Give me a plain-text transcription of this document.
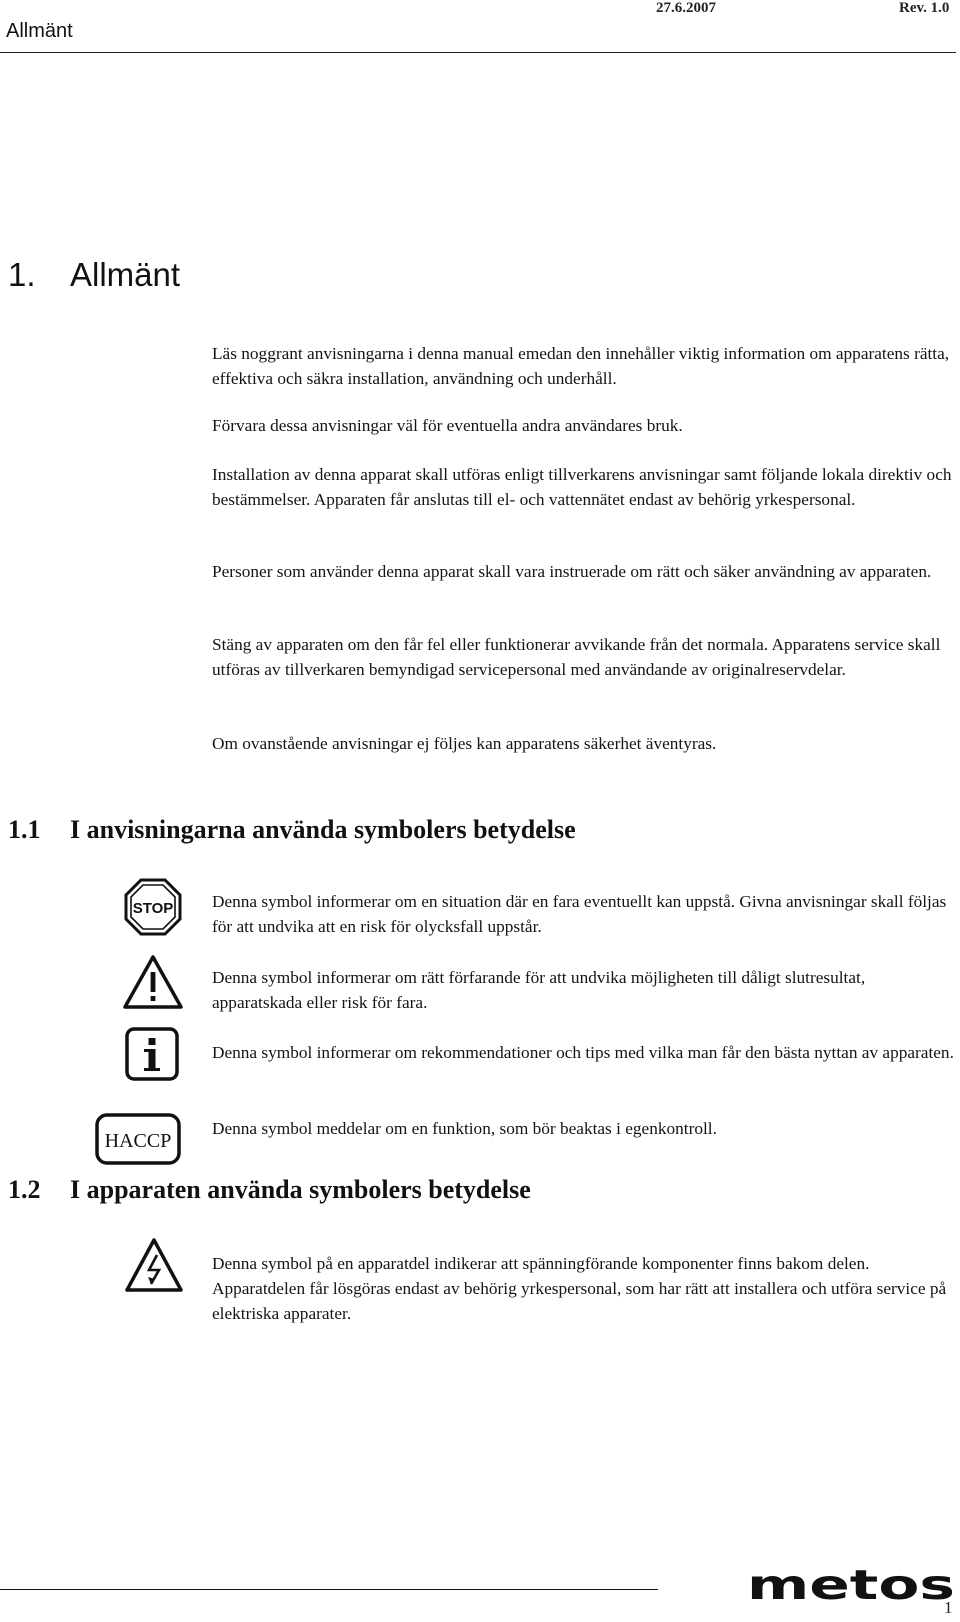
Allmänt
27.6.2007	Rev. 1.0
1.	Allmänt

Läs noggrant anvisningarna i denna manual emedan den innehåller viktig information om apparatens rätta, effektiva och säkra installation, användning och underhåll.

Förvara dessa anvisningar väl för eventuella andra användares bruk.

Installation av denna apparat skall utföras enligt tillverkarens anvisningar samt följande lokala direktiv och bestämmelser. Apparaten får anslutas till el- och vattennätet endast av behörig yrkespersonal.

Personer som använder denna apparat skall vara instruerade om rätt och säker användning av apparaten.

Stäng av apparaten om den får fel eller funktionerar avvikande från det normala. Apparatens service skall utföras av tillverkaren bemyndigad servicepersonal med användande av originalreservdelar.

Om ovanstående anvisningar ej följes kan apparatens säkerhet äventyras.

1.1	I anvisningarna använda symbolers betydelse
STOP Denna symbol informerar om en situation där en fara eventuellt kan uppstå. Givna anvisningar skall följas för att undvika att en risk för olycksfall uppstår.

Denna symbol informerar om rätt förfarande för att undvika möjligheten till dåligt slutresultat, apparatskada eller risk för fara.

Denna symbol informerar om rekommendationer och tips med vilka man får den bästa nyttan av apparaten.

HACCP

Denna symbol meddelar om en funktion, som bör beaktas i egenkontroll.

1.2	I apparaten använda symbolers betydelse

Denna symbol på en apparatdel indikerar att spänningförande komponenter finns bakom delen. Apparatdelen får lösgöras endast av behörig yrkespersonal, som har rätt att installera och utföra service på elektriska apparater.

metos
1
